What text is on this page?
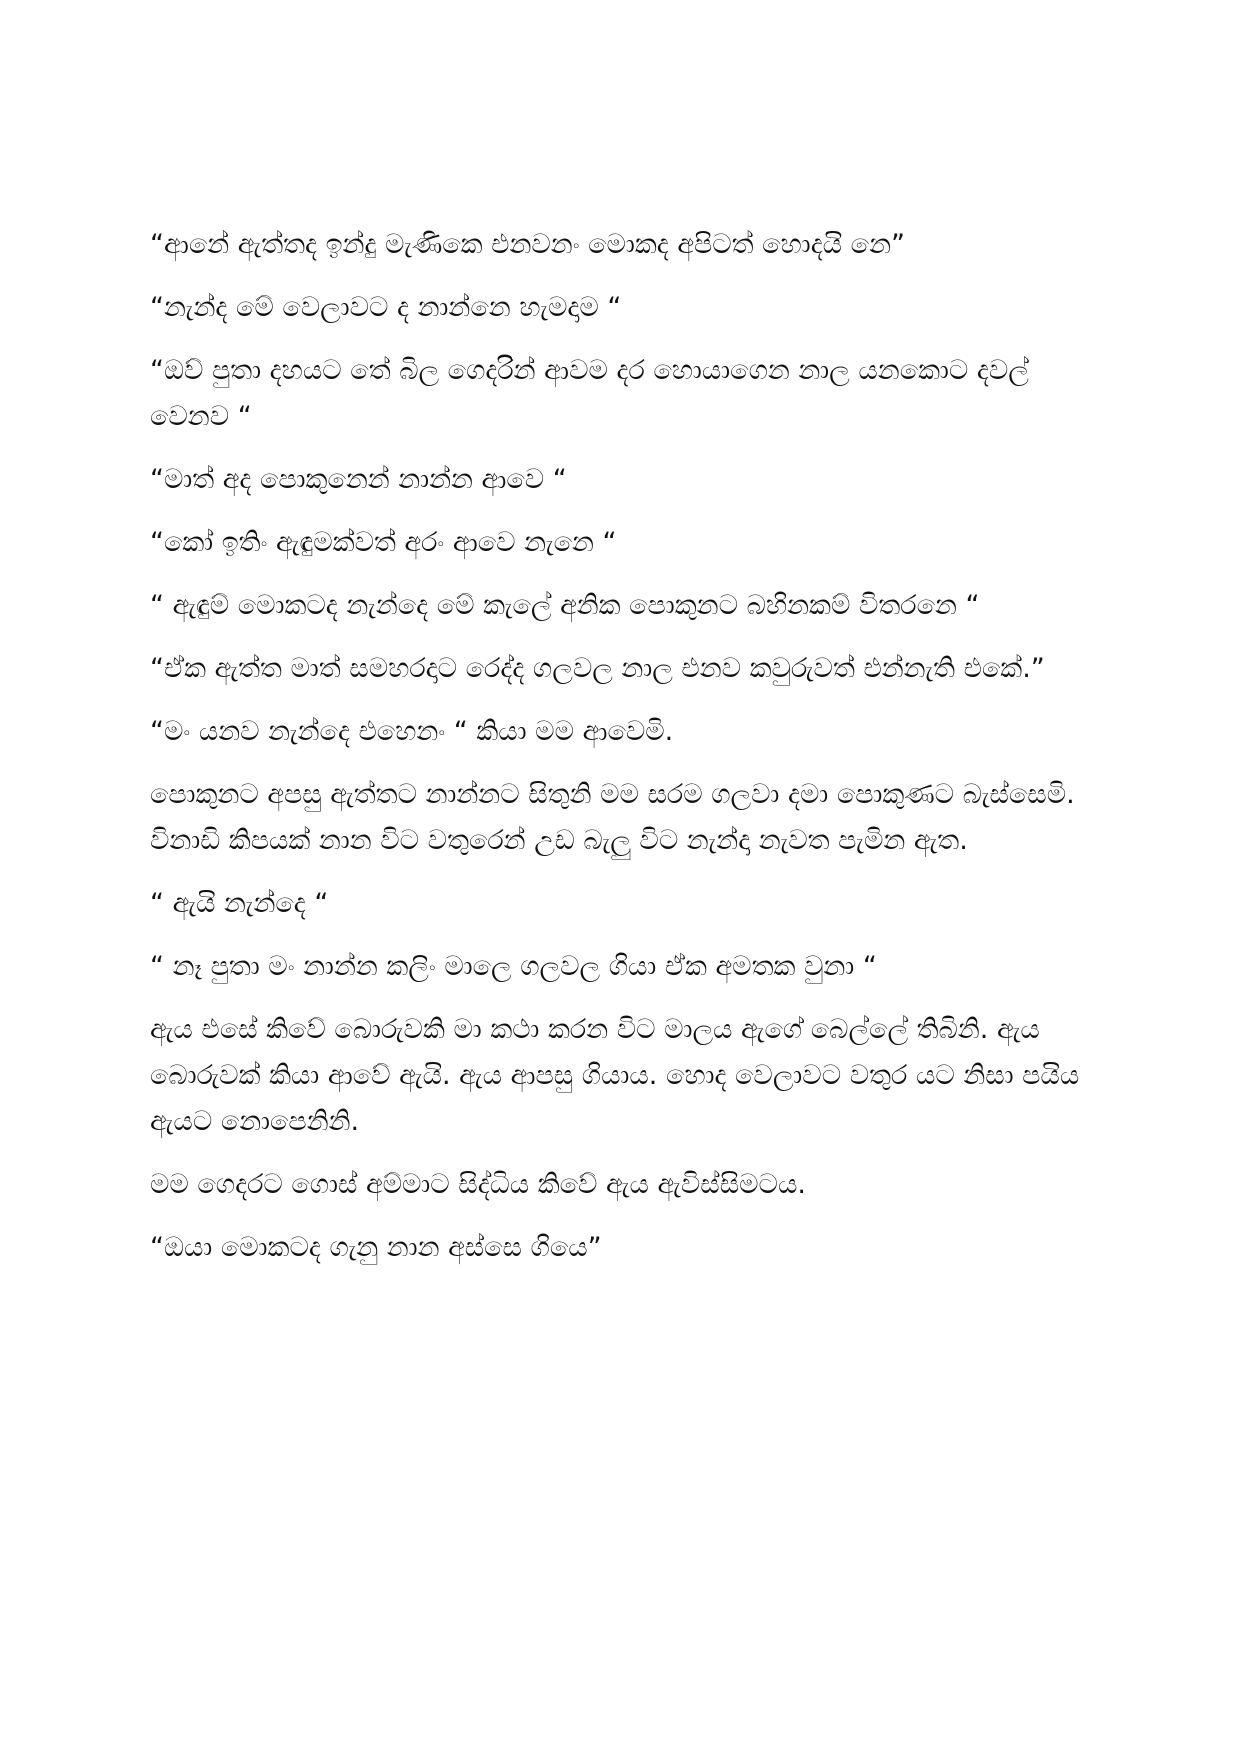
“ආනේ ඇත්තද ඉන්දු මැණිකෙ එනවනං මොකද අපිටත් හොදයි නෙ”

“නැන්ද මේ වෙලාවට ද නාන්නෙ හැමදාම “

“ඔව් පුතා දහයට තේ බිල ගෙදරින් ආවම දර හොයාගෙන නාල යනකොට දවල් වෙනව “

“මාත් අද පොකුනෙන් නාන්න ආවෙ “

“කෝ ඉතිං ඇඳුමක්වත් අරං ආවෙ නැනෙ “

“ ඇඳුම් මොකටද නැන්දෙ මේ කැලේ අනික පොකුනට බහිනකම් විතරනෙ “

“ඒක ඇත්ත මාත් සමහරදාට රෙද්ද ගලවල නාල එනව කවුරුවත් එන්නැති එකේ.”

“මං යනව නැන්දෙ එහෙනං “ කියා මම ආවෙමි.

පොකුනට අපසු ඇත්තට නාන්නට සිතුනි මම සරම ගලවා දමා පොකුණට බැස්සෙමි. විනාඩි කිපයක් නාන විට වතුරෙන් උඩ බැලු විට නැන්දා නැවත පැමින ඇත.

“ ඇයි නැන්දෙ “

“ නෑ පුතා මං නාන්න කලිං මාලෙ ගලවල ගියා ඒක අමතක වුනා “

ඇය එසේ කිවේ බොරුවකි මා කථා කරන විට මාලය ඇගේ බෙල්ලේ තිබිනි. ඇය බොරුවක් කියා ආවේ ඇයි. ඇය ආපසු ගියාය. හොද වෙලාවට වතුර යට නිසා පයිය ඇයට නොපෙනිනි.

මම ගෙදරට ගොස් අම්මාට සිද්ධිය කිවේ ඇය ඇවිස්සිමටය.

“ඔයා මොකටද ගැනු නාන අස්සෙ ගියෙ”
